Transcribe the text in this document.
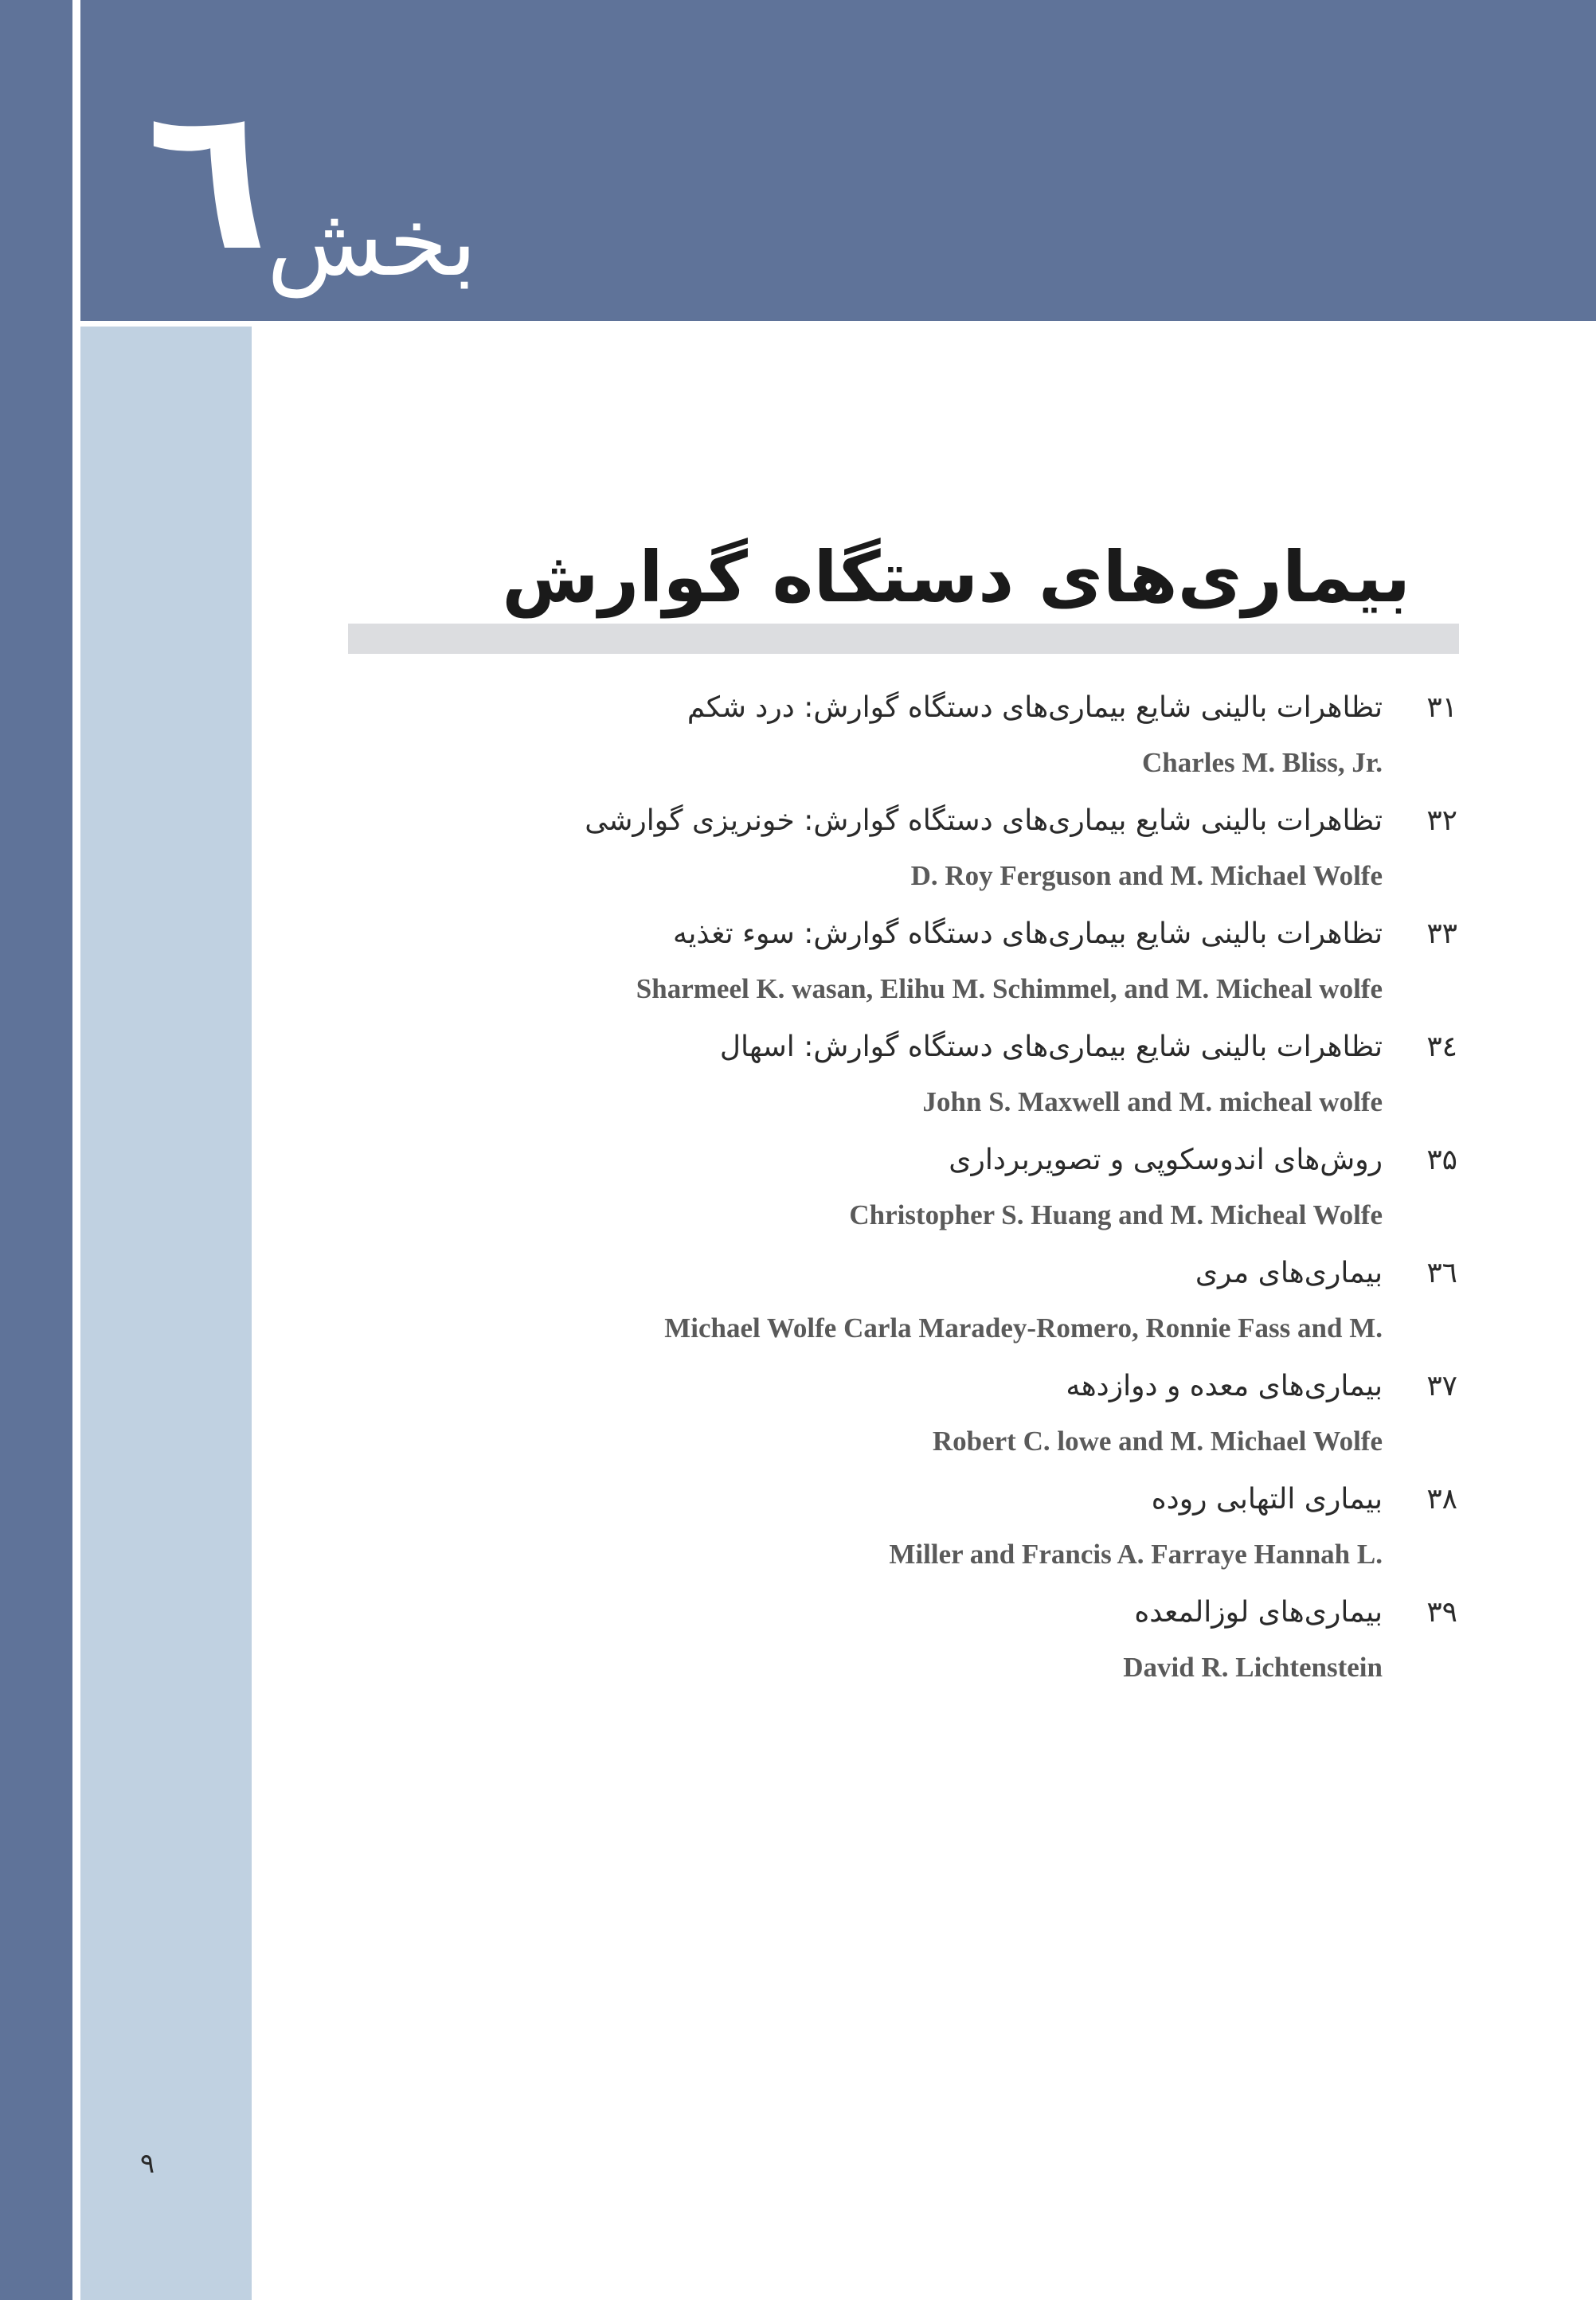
٦
بخش
بیماری‌های دستگاه گوارش
۳۱
تظاهرات بالینی شایع بیماری‌های دستگاه گوارش: درد شکم
Charles M. Bliss, Jr.
۳۲
تظاهرات بالینی شایع بیماری‌های دستگاه گوارش: خونریزی گوارشی
D. Roy Ferguson and M. Michael Wolfe
۳۳
تظاهرات بالینی شایع بیماری‌های دستگاه گوارش: سوء تغذیه
Sharmeel K. wasan, Elihu M. Schimmel, and M. Micheal wolfe
۳٤
تظاهرات بالینی شایع بیماری‌های دستگاه گوارش: اسهال
John S. Maxwell and M. micheal wolfe
۳۵
روش‌های اندوسکوپی و تصویربرداری
Christopher S. Huang and M. Micheal Wolfe
۳٦
بیماری‌های مری
Michael Wolfe Carla Maradey-Romero, Ronnie Fass and M.
۳۷
بیماری‌های معده و دوازدهه
Robert C. lowe and M. Michael Wolfe
۳۸
بیماری التهابی روده
Miller and Francis A. Farraye Hannah L.
۳۹
بیماری‌های لوزالمعده
David R. Lichtenstein
۹
